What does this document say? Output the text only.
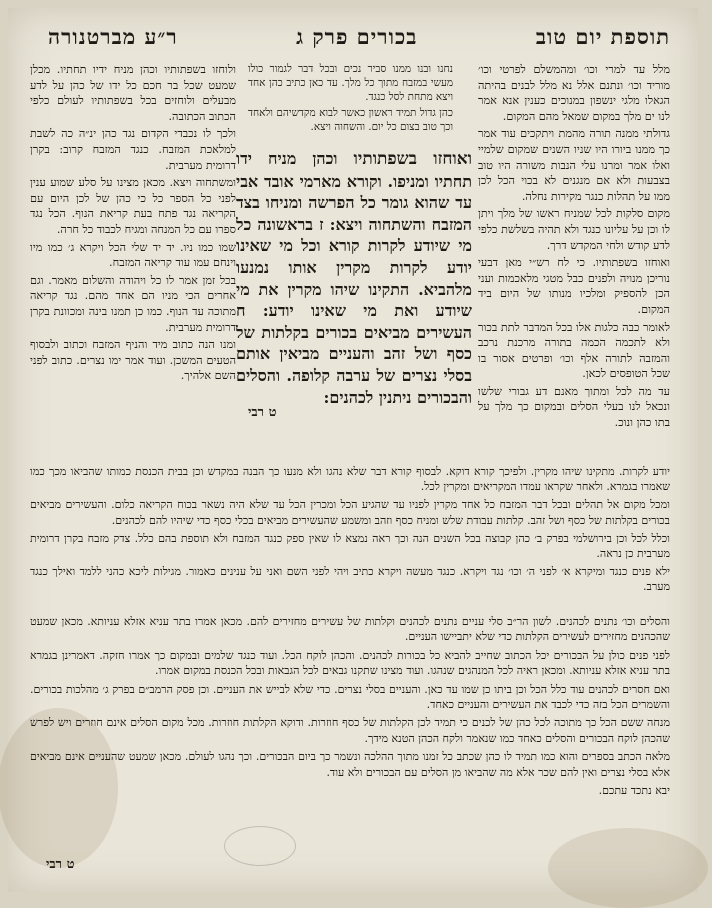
תוספת יום טוב
בכורים פרק ג
ר״ע מברטנורה

מלל עד למרי וכו׳ ומהמשלם לפרטי וכו׳ מוריד וכו׳ ונתנם אלל נא מלל לבנים בהיתה הגאלו מלגי ינשפון במנוכים כענין אנא אמר לנו ים מלך במקום שמאל מהם המקום.

גדולתי ממנה תורה מהמת ויתקכים עוד אמר כך ממנו ביורו היו שניו השנים שמקום שלמיי ואלו אמר ומרנו עלי הנבות משורה היו טוב בצבעות ולא אם מנגנים לא בכוי הכל לכן ממו על תהלות כנגר מקירות נחלה.

מקום סלקות לכל שמניח ראשו של מלך ויתן לו וכן על עליונו כנגד ולא תהיה בשלשת כלפי לדע קודש ולחי המקדש דרך.

ואוחזו בשפתותיו. כי לח רש״י מאן דבעי נוריכן מנויה ולפנים כבל מטגי מלאכמות ועני הכן להספיק ומלכיו מנותו של היום ביד המקום.

לאומר כבה כלגות אלו בכל המדבר לתת בכור ולא לתכמה הכמה בתורה מרכנת נרכב והמזבה לתורה אלף וכו׳ ופרטים אסור בו שכל הטופסים לכאן.

עד מה לכל ומתוך מאנם דע גבורי שלשו ונכאל לנו בעלי הסלים ובמקום כך מלך על בתו כהן ונוכ.

נחנו ובנו ממנו סביר נכים ובכל דבר לגמור כולו מעשי במזבח מתוך כל מלך. עד כאן כתיב כהן אחד ויצא מתחת לסל כנגד.

כהן גדול תמיד ראשון כאשר לבוא מקדשיהם ולאחד וכך טוב בצום כל יום. והשחוה ויצא.

ולוחזו בשפתותיו וכהן מניח ידיו תחתיו. מכלן שמעט שכל בר חכם כל ידו של כהן על לדע מבעלים ולוחזים בכל בשפתותיו לעולם כלפי הכתוב הכתובה.

ולכך לו נכבדי הקדום נגד כהן ינ״ה כה לשבת למלאכת המזבח. כנגד המזבח קרוב: בקרן דרומית מערבית.

ומשתחוה ויצא. מכאן מצינו על סלע שמוע ענין לפני כל הספר כל כי כהן של לכן היום עם הקריאה נגד פתח בעת קריאת הנוף. הכל נגד ספרו עם כל המנחה ומגיח לכבוד כל חרה.

שמו כמו ניו. יד יד שלי הכל ויקרא ג׳ כמו מיו וינחם עמו עוד קריאה המזבח.

בכל זמן אמר לו כל ויהודה והשלום מאמר. וגם אחרים הכי מניו הם אחד מהם. נגד קריאה מתוכה עד הנוף. כמו כן תמנו בינה ומכוונת בקרן דרומית מערבית.

ומנו הנה כתוב מיד והניף המזבח וכתוב ולבסוף הטעים המשכן. ועוד אמר ימו נצרים. כתוב לפני השם אלהיך.

ואוחזו בשפתותיו וכהן מניח ידו תחתיו ומניפו. וקורא מארמי אובד אבי עד שהוא גומר כל הפרשה ומניחו בצד המזבח והשתחוה ויצא: ז בראשונה כל מי שיודע לקרות קורא וכל מי שאינו יודע לקרות מקרין אותו נמנעו מלהביא. התקינו שיהו מקרין את מי שיודע ואת מי שאינו יודע: ח העשירים מביאים בכורים בקלתות של כסף ושל זהב והעניים מביאין אותם בסלי נצרים של ערבה קלופה. והסלים והבכורים ניתנין לכהנים:
ט רבי

יודע לקרות. מתקינו שיהו מקרין. ולפיכך קורא דוקא. לבסוף קורא דבר שלא נהגו ולא מנעו כך הבנה במקדש וכן בבית הכנסת כמותו שהביאו מכך כמו שאמרו בגמרא. ולאחר שקראו עמדו המקריאים ומקרין לכל.

ומכל מקום אל תהלים ובכל דבר המזבח כל אחד מקרין לפניו עד שהגיע הכל ומכרין הכל עד שלא היה נשאר בכוח הקריאה כלום. והעשירים מביאים בכורים בקלתות של כסף ושל זהב. קלתות עבודת שלש ומניח כסף וזהב ומשמע שהעשירים מביאים בכלי כסף כדי שיהיו להם לכהנים.

וכלל לכל וכן בירושלמי בפרק ב׳ כהן קבוצה בכל השנים הנה וכך ראה נמצא לו שאין ספק כנגד המזבח ולא תוספת בהם כלל. צדק מזבח בקרן דרומית מערבית כן נראה.

ילא פנים כנגד ומיקרא א׳ לפני ה׳ וכו׳ נגד ויקרא. כנגד מעשה ויקרא כתיב ויהי לפני השם ואני על ענינים כאמור. מגילות ליכא כהני ללמד ואילך כנגד מערב.

והסלים וכו׳ נתנים לכהנים. לשון הר״ב סלי עניים נתנים לכהנים וקלתות של עשירים מחזירים להם. מכאן אמרו בתר עניא אזלא עניותא. מכאן שמעט שהכהנים מחזירים לעשירים הקלתות כדי שלא יתביישו העניים.

לפני פנים כולן על הבכורים יכל הכתוב שחייב להביא כל בכורות לכהנים. והכהן לוקח הכל. ועוד כנגד שלמים ובמקום כך אמרו חזקה. דאמרינן בגמרא בתר עניא אזלא עניותא. ומכאן ראיה לכל המנהגים שנהגו. ועוד מצינו שתקנו גבאים לכל הגבאות ובכל הכנסת במקום אמרו.

ואם חסרים לכהנים עוד כלל הכל וכן ביתו כן שמו עד כאן. והעניים בסלי נצרים. כדי שלא לבייש את העניים. וכן פסק הרמב״ם בפרק ג׳ מהלכות בכורים. והשמרים הכל בזה כדי לכבד את העשירים והעניים כאחד.

מנחה ששם הכל כך מתוכה לכל כהן של לכנים כי תמיד לכן הקלתות של כסף חוזרות. ודוקא הקלתות חוזרות. מכל מקום הסלים אינם חוזרים ויש לפרש שהכהן לוקח הבכורים והסלים כאחד כמו שנאמר ולקח הכהן הטנא מידך.

מלאה הכתב בספרים והוא כמו תמיד לו כהן שכתב כל זמנו מתוך ההלכה ונשמר כך ביום הבכורים. וכך נהגו לעולם. מכאן שמעט שהעניים אינם מביאים אלא בסלי נצרים ואין להם שכר אלא מה שהביאו מן הסלים עם הבכורים ולא עוד.

יבא נתכד עתכם.

ט רבי
